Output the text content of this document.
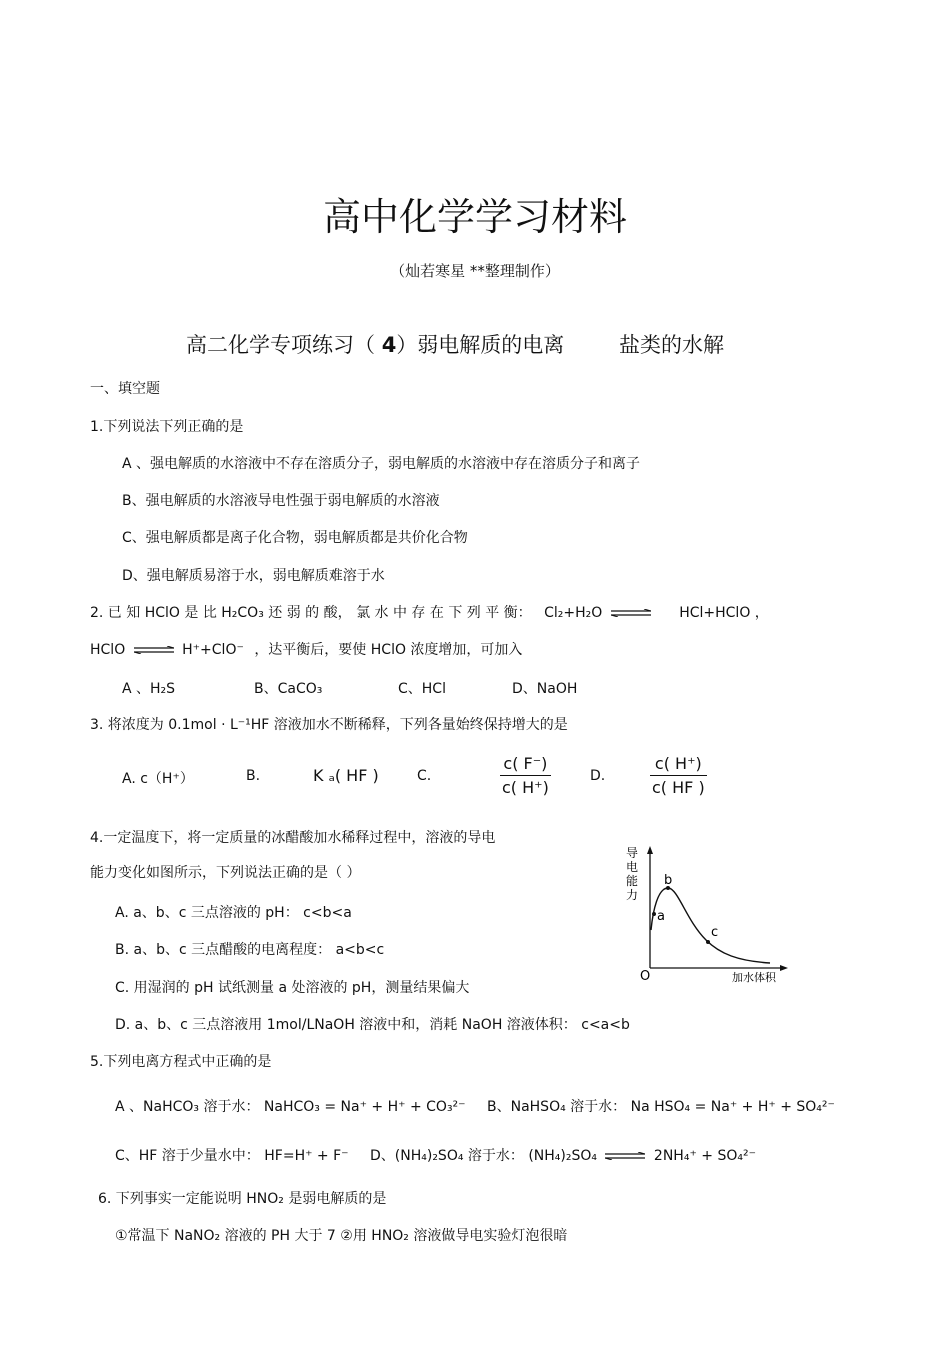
高中化学学习材料
（灿若寒星 **整理制作）
高二化学专项练习（ 4）弱电解质的电离	盐类的水解
一、填空题
1.下列说法下列正确的是
A 、强电解质的水溶液中不存在溶质分子，弱电解质的水溶液中存在溶质分子和离子
B、强电解质的水溶液导电性强于弱电解质的水溶液
C、强电解质都是离子化合物，弱电解质都是共价化合物
D、强电解质易溶于水，弱电解质难溶于水
2. 已 知 HClO 是 比 H₂CO₃ 还 弱 的 酸， 氯 水 中 存 在 下 列 平 衡： Cl₂+H₂O ⇌ HCl+HClO ，
HClO ⇌ H⁺+ClO⁻ ，达平衡后，要使 HClO 浓度增加，可加入
A 、H₂S	B、CaCO₃	C、HCl	D、NaOH
3. 将浓度为 0.1mol · L⁻¹HF 溶液加水不断稀释，下列各量始终保持增大的是
A. c（H⁺）	B.	K ₐ( HF )	C.	$\frac{c( F^-)}{c( H^+)}$	D.	$\frac{c( H^+)}{c( HF )}$
4.一定温度下，将一定质量的冰醋酸加水稀释过程中，溶液的导电
能力变化如图所示，下列说法正确的是（ ）
A. a、b、c 三点溶液的 pH： c<b<a
B. a、b、c 三点醋酸的电离程度： a<b<c
C. 用湿润的 pH 试纸测量 a 处溶液的 pH，测量结果偏大
D. a、b、c 三点溶液用 1mol/LNaOH 溶液中和，消耗 NaOH 溶液体积： c<a<b
导
电
能
力
b
a
c
O	加水体积
5.下列电离方程式中正确的是
A 、NaHCO₃ 溶于水： NaHCO₃ = Na⁺ + H⁺ + CO₃²⁻ B、NaHSO₄ 溶于水： Na HSO₄ = Na⁺ + H⁺ + SO₄²⁻
C、HF 溶于少量水中： HF=H⁺ + F⁻ D、(NH₄)₂SO₄ 溶于水： (NH₄)₂SO₄ ⇌ 2NH₄⁺ + SO₄²⁻
6. 下列事实一定能说明 HNO₂ 是弱电解质的是
①常温下 NaNO₂ 溶液的 PH 大于 7 ②用 HNO₂ 溶液做导电实验灯泡很暗
